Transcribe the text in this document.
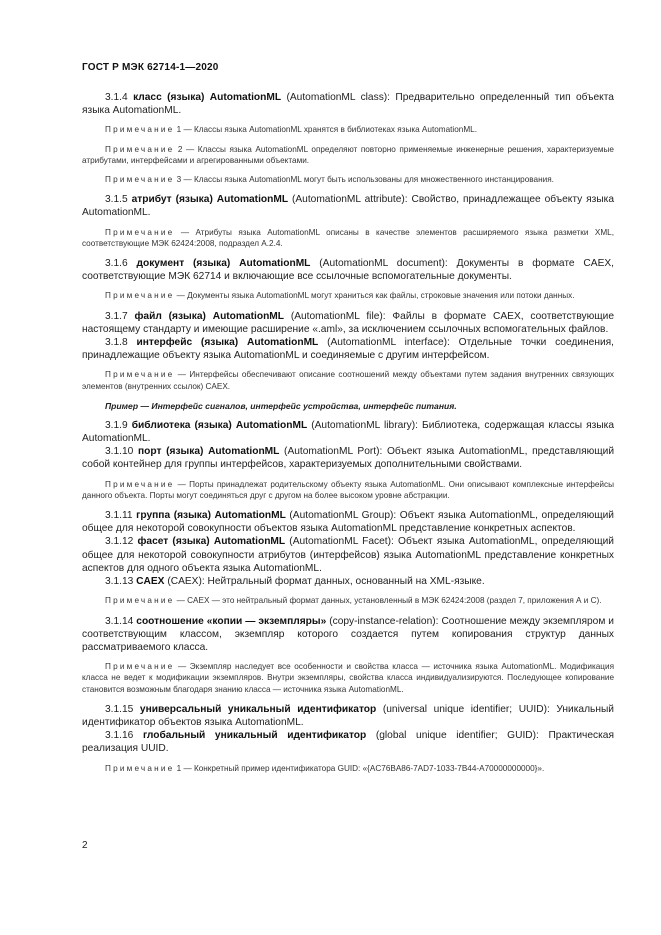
ГОСТ Р МЭК 62714-1—2020

3.1.4 класс (языка) AutomationML (AutomationML class): Предварительно определенный тип объекта языка AutomationML.

Примечание 1 — Классы языка AutomationML хранятся в библиотеках языка AutomationML.

Примечание 2 — Классы языка AutomationML определяют повторно применяемые инженерные решения, характеризуемые атрибутами, интерфейсами и агрегированными объектами.

Примечание 3 — Классы языка AutomationML могут быть использованы для множественного инстанцирования.

3.1.5 атрибут (языка) AutomationML (AutomationML attribute): Свойство, принадлежащее объекту языка AutomationML.

Примечание — Атрибуты языка AutomationML описаны в качестве элементов расширяемого языка разметки XML, соответствующие МЭК 62424:2008, подраздел А.2.4.

3.1.6 документ (языка) AutomationML (AutomationML document): Документы в формате CAEX, соответствующие МЭК 62714 и включающие все ссылочные вспомогательные документы.

Примечание — Документы языка AutomationML могут храниться как файлы, строковые значения или потоки данных.

3.1.7 файл (языка) AutomationML (AutomationML file): Файлы в формате CAEX, соответствующие настоящему стандарту и имеющие расширение «.aml», за исключением ссылочных вспомогательных файлов.

3.1.8 интерфейс (языка) AutomationML (AutomationML interface): Отдельные точки соединения, принадлежащие объекту языка AutomationML и соединяемые с другим интерфейсом.

Примечание — Интерфейсы обеспечивают описание соотношений между объектами путем задания внутренних связующих элементов (внутренних ссылок) CAEX.

Пример — Интерфейс сигналов, интерфейс устройства, интерфейс питания.

3.1.9 библиотека (языка) AutomationML (AutomationML library): Библиотека, содержащая классы языка AutomationML.

3.1.10 порт (языка) AutomationML (AutomationML Port): Объект языка AutomationML, представляющий собой контейнер для группы интерфейсов, характеризуемых дополнительными свойствами.

Примечание — Порты принадлежат родительскому объекту языка AutomationML. Они описывают комплексные интерфейсы данного объекта. Порты могут соединяться друг с другом на более высоком уровне абстракции.

3.1.11 группа (языка) AutomationML (AutomationML Group): Объект языка AutomationML, определяющий общее для некоторой совокупности объектов языка AutomationML представление конкретных аспектов.

3.1.12 фасет (языка) AutomationML (AutomationML Facet): Объект языка AutomationML, определяющий общее для некоторой совокупности атрибутов (интерфейсов) языка AutomationML представление конкретных аспектов для одного объекта языка AutomationML.

3.1.13 CAEX (CAEX): Нейтральный формат данных, основанный на XML-языке.

Примечание — CAEX — это нейтральный формат данных, установленный в МЭК 62424:2008 (раздел 7, приложения А и С).

3.1.14 соотношение «копии — экземпляры» (copy-instance-relation): Соотношение между экземпляром и соответствующим классом, экземпляр которого создается путем копирования структур данных рассматриваемого класса.

Примечание — Экземпляр наследует все особенности и свойства класса — источника языка AutomationML. Модификация класса не ведет к модификации экземпляров. Внутри экземпляры, свойства класса индивидуализируются. Последующее копирование становится возможным благодаря знанию класса — источника языка AutomationML.

3.1.15 универсальный уникальный идентификатор (universal unique identifier; UUID): Уникальный идентификатор объектов языка AutomationML.

3.1.16 глобальный уникальный идентификатор (global unique identifier; GUID): Практическая реализация UUID.

Примечание 1 — Конкретный пример идентификатора GUID: «{AC76BA86-7AD7-1033-7B44-A70000000000}».

2
